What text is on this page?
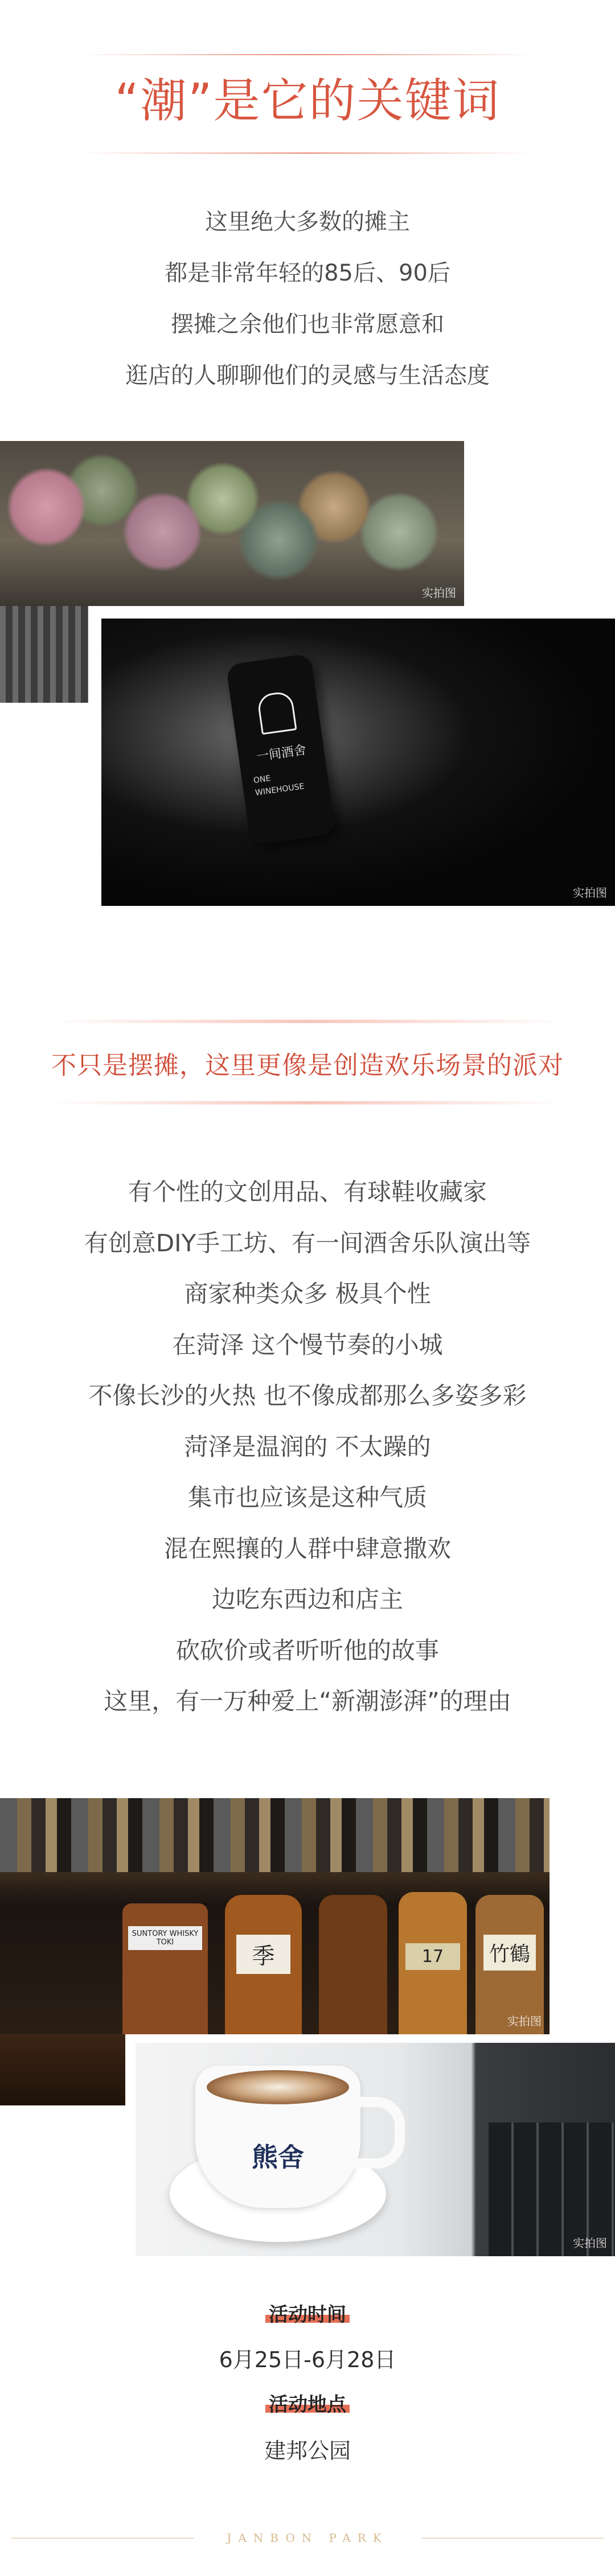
“潮”是它的关键词
这里绝大多数的摊主
都是非常年轻的85后、90后
摆摊之余他们也非常愿意和
逛店的人聊聊他们的灵感与生活态度
实拍图
一间酒舍
ONE
WINEHOUSE
实拍图
不只是摆摊，这里更像是创造欢乐场景的派对
有个性的文创用品、有球鞋收藏家
有创意DIY手工坊、有一间酒舍乐队演出等
商家种类众多 极具个性
在菏泽 这个慢节奏的小城
不像长沙的火热 也不像成都那么多姿多彩
菏泽是温润的 不太躁的
集市也应该是这种气质
混在熙攘的人群中肆意撒欢
边吃东西边和店主
砍砍价或者听听他的故事
这里，有一万种爱上“新潮澎湃”的理由
SUNTORY WHISKY TOKI
季	17	竹鶴
实拍图
熊舍
实拍图
活动时间
6月25日-6月28日
活动地点
建邦公园
JANBON PARK
